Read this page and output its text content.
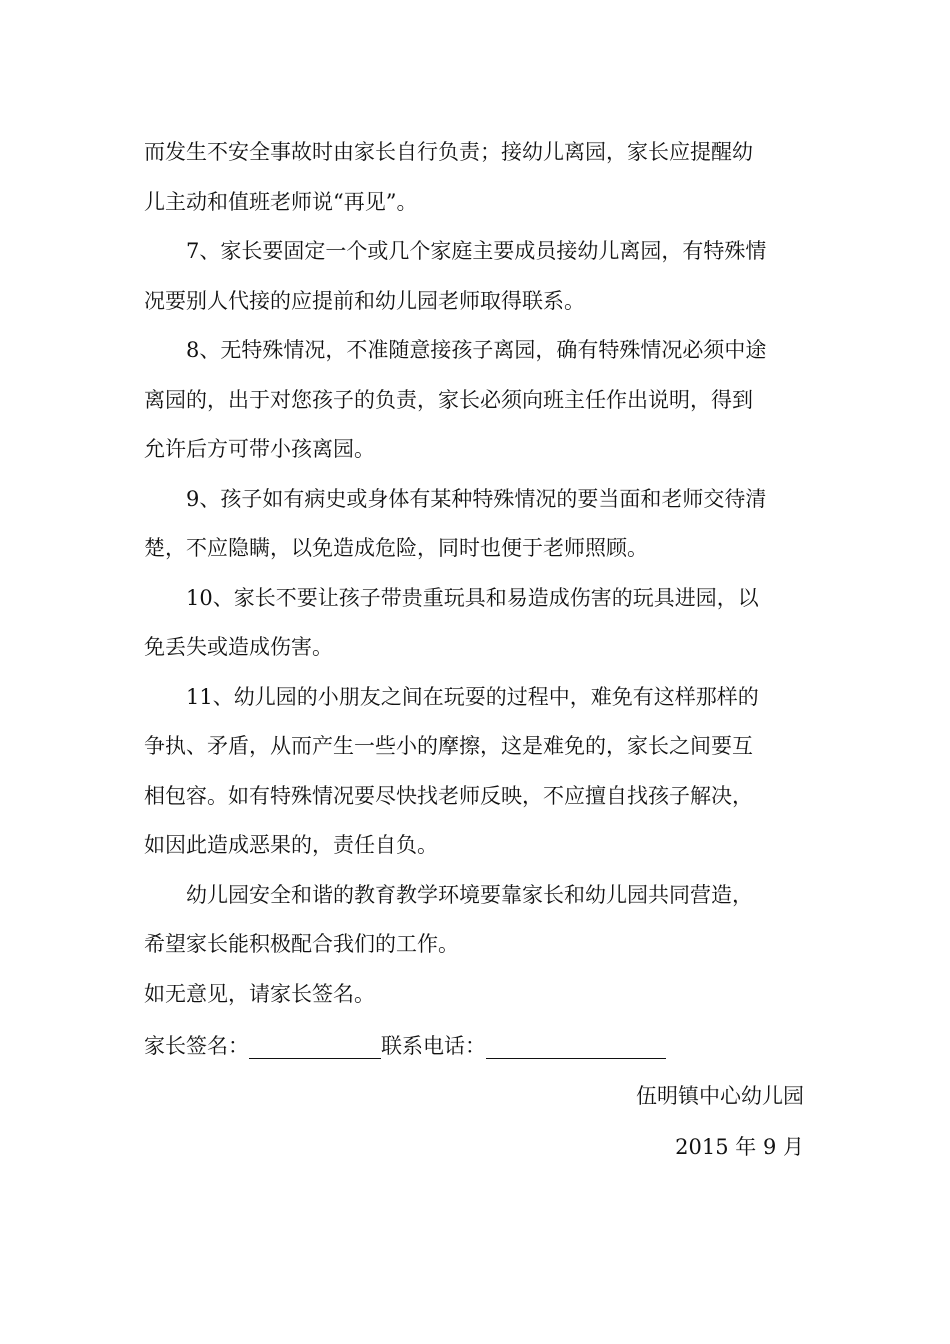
而发生不安全事故时由家长自行负责；接幼儿离园，家长应提醒幼
儿主动和值班老师说“再见”。
7、家长要固定一个或几个家庭主要成员接幼儿离园，有特殊情
况要别人代接的应提前和幼儿园老师取得联系。
8、无特殊情况，不准随意接孩子离园，确有特殊情况必须中途
离园的，出于对您孩子的负责，家长必须向班主任作出说明，得到
允许后方可带小孩离园。
9、孩子如有病史或身体有某种特殊情况的要当面和老师交待清
楚，不应隐瞒，以免造成危险，同时也便于老师照顾。
10、家长不要让孩子带贵重玩具和易造成伤害的玩具进园，以
免丢失或造成伤害。
11、幼儿园的小朋友之间在玩耍的过程中，难免有这样那样的
争执、矛盾，从而产生一些小的摩擦，这是难免的，家长之间要互
相包容。如有特殊情况要尽快找老师反映，不应擅自找孩子解决，
如因此造成恶果的，责任自负。
幼儿园安全和谐的教育教学环境要靠家长和幼儿园共同营造，
希望家长能积极配合我们的工作。
如无意见，请家长签名。
家长签名：	联系电话：
伍明镇中心幼儿园
2015 年 9 月
